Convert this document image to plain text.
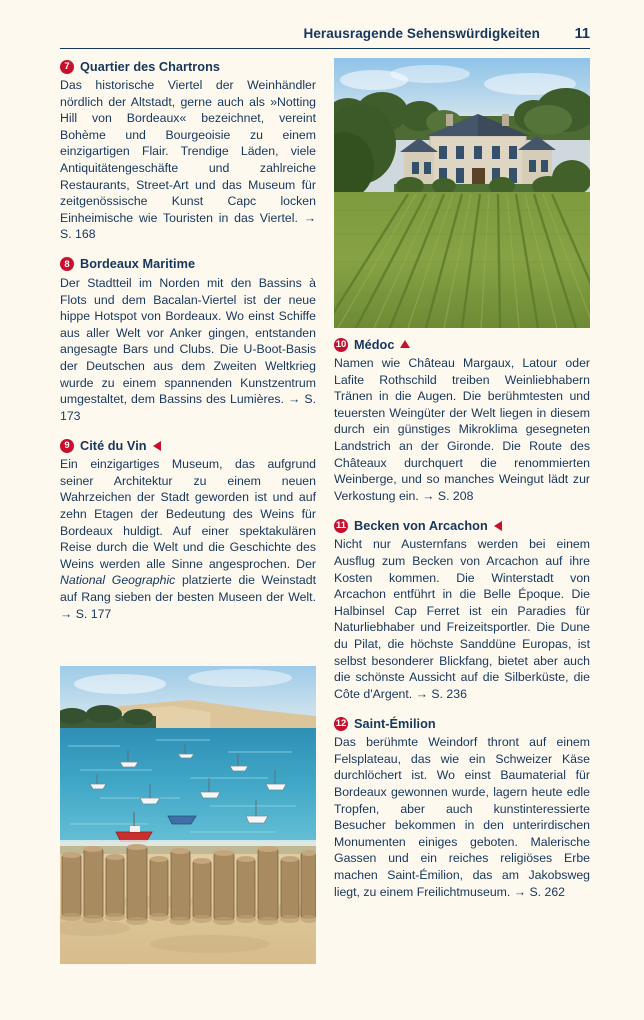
Herausragende Sehenswürdigkeiten	11
7 Quartier des Chartrons
Das historische Viertel der Weinhändler nördlich der Altstadt, gerne auch als »Notting Hill von Bordeaux« bezeichnet, vereint Bohème und Bourgeoisie zu einem einzigartigen Flair. Trendige Läden, viele Antiquitätengeschäfte und zahlreiche Restaurants, Street-Art und das Museum für zeitgenössische Kunst Capc locken Einheimische wie Touristen in das Viertel. → S. 168
8 Bordeaux Maritime
Der Stadtteil im Norden mit den Bassins à Flots und dem Bacalan-Viertel ist der neue hippe Hotspot von Bordeaux. Wo einst Schiffe aus aller Welt vor Anker gingen, entstanden angesagte Bars und Clubs. Die U-Boot-Basis der Deutschen aus dem Zweiten Weltkrieg wurde zu einem spannenden Kunstzentrum umgestaltet, dem Bassins des Lumières. → S. 173
9 Cité du Vin
Ein einzigartiges Museum, das aufgrund seiner Architektur zu einem neuen Wahrzeichen der Stadt geworden ist und auf zehn Etagen der Bedeutung des Weins für Bordeaux huldigt. Auf einer spektakulären Reise durch die Welt und die Geschichte des Weins werden alle Sinne angesprochen. Der National Geographic platzierte die Weinstadt auf Rang sieben der besten Museen der Welt. → S. 177
10 Médoc
Namen wie Château Margaux, Latour oder Lafite Rothschild treiben Weinliebhabern Tränen in die Augen. Die berühmtesten und teuersten Weingüter der Welt liegen in diesem durch ein günstiges Mikroklima gesegneten Landstrich an der Gironde. Die Route des Châteaux durchquert die renommierten Weinberge, und so manches Weingut lädt zur Verkostung ein. → S. 208
11 Becken von Arcachon
Nicht nur Austernfans werden bei einem Ausflug zum Becken von Arcachon auf ihre Kosten kommen. Die Winterstadt von Arcachon entführt in die Belle Époque. Die Halbinsel Cap Ferret ist ein Paradies für Naturliebhaber und Freizeitsportler. Die Dune du Pilat, die höchste Sanddüne Europas, ist selbst besonderer Blickfang, bietet aber auch die schönste Aussicht auf die Silberküste, die Côte d'Argent. → S. 236
12 Saint-Émilion
Das berühmte Weindorf thront auf einem Felsplateau, das wie ein Schweizer Käse durchlöchert ist. Wo einst Baumaterial für Bordeaux gewonnen wurde, lagern heute edle Tropfen, aber auch kunstinteressierte Besucher bekommen in den unterirdischen Monumenten einiges geboten. Malerische Gassen und ein reiches religiöses Erbe machen Saint-Émilion, das am Jakobsweg liegt, zu einem Freilichtmuseum. → S. 262
